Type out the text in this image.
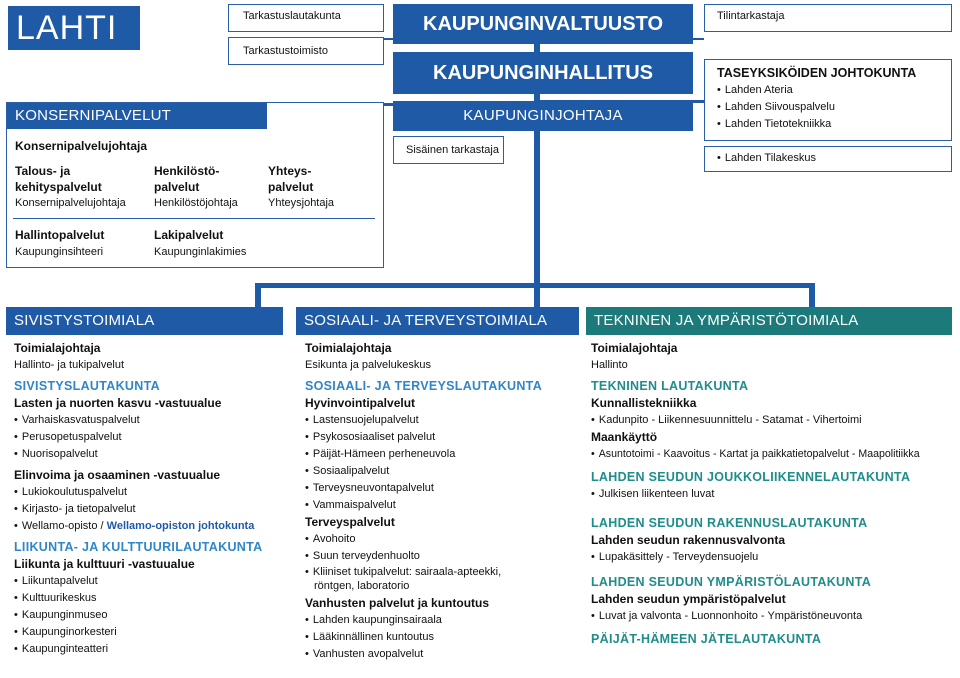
LAHTI	Tarkastuslautakunta
Tarkastustoimisto
KAUPUNGINVALTUUSTO
KAUPUNGINHALLITUS
KAUPUNGINJOHTAJA
Sisäinen tarkastaja
Tilintarkastaja
TASEYKSIKÖIDEN JOHTOKUNTA
• Lahden Ateria
• Lahden Siivouspalvelu
• Lahden Tietotekniikka
• Lahden Tilakeskus
KONSERNIPALVELUT
Konsernipalvelujohtaja
Talous- ja
kehityspalvelut
Konsernipalvelujohtaja
Henkilöstö-
palvelut
Henkilöstöjohtaja
Yhteys-
palvelut
Yhteysjohtaja
Hallintopalvelut
Kaupunginsihteeri
Lakipalvelut
Kaupunginlakimies
SIVISTYSTOIMIALA
Toimialajohtaja
Hallinto- ja tukipalvelut
SIVISTYSLAUTAKUNTA
Lasten ja nuorten kasvu -vastuualue
• Varhaiskasvatuspalvelut
• Perusopetuspalvelut
• Nuorisopalvelut
Elinvoima ja osaaminen -vastuualue
• Lukiokoulutuspalvelut
• Kirjasto- ja tietopalvelut
• Wellamo-opisto / Wellamo-opiston johtokunta
LIIKUNTA- JA KULTTUURILAUTAKUNTA
Liikunta ja kulttuuri -vastuualue
• Liikuntapalvelut
• Kulttuurikeskus
• Kaupunginmuseo
• Kaupunginorkesteri
• Kaupunginteatteri
SOSIAALI- JA TERVEYSTOIMIALA
Toimialajohtaja
Esikunta ja palvelukeskus
SOSIAALI- JA TERVEYSLAUTAKUNTA
Hyvinvointipalvelut
• Lastensuojelupalvelut
• Psykososiaaliset palvelut
• Päijät-Hämeen perheneuvola
• Sosiaalipalvelut
• Terveysneuvontapalvelut
• Vammaispalvelut
Terveyspalvelut
• Avohoito
• Suun terveydenhuolto
• Kliiniset tukipalvelut: sairaala-apteekki, röntgen, laboratorio
Vanhusten palvelut ja kuntoutus
• Lahden kaupunginsairaala
• Lääkinnällinen kuntoutus
• Vanhusten avopalvelut
TEKNINEN JA YMPÄRISTÖTOIMIALA
Toimialajohtaja
Hallinto
TEKNINEN LAUTAKUNTA
Kunnallistekniikka
• Kadunpito - Liikennesuunnittelu - Satamat - Vihertoimi
Maankäyttö
• Asuntotoimi - Kaavoitus - Kartat ja paikkatietopalvelut - Maapolitiikka
LAHDEN SEUDUN JOUKKOLIIKENNELAUTAKUNTA
• Julkisen liikenteen luvat
LAHDEN SEUDUN RAKENNUSLAUTAKUNTA
Lahden seudun rakennusvalvonta
• Lupakäsittely - Terveydensuojelu
LAHDEN SEUDUN YMPÄRISTÖLAUTAKUNTA
Lahden seudun ympäristöpalvelut
• Luvat ja valvonta - Luonnonhoito - Ympäristöneuvonta
PÄIJÄT-HÄMEEN JÄTELAUTAKUNTA
